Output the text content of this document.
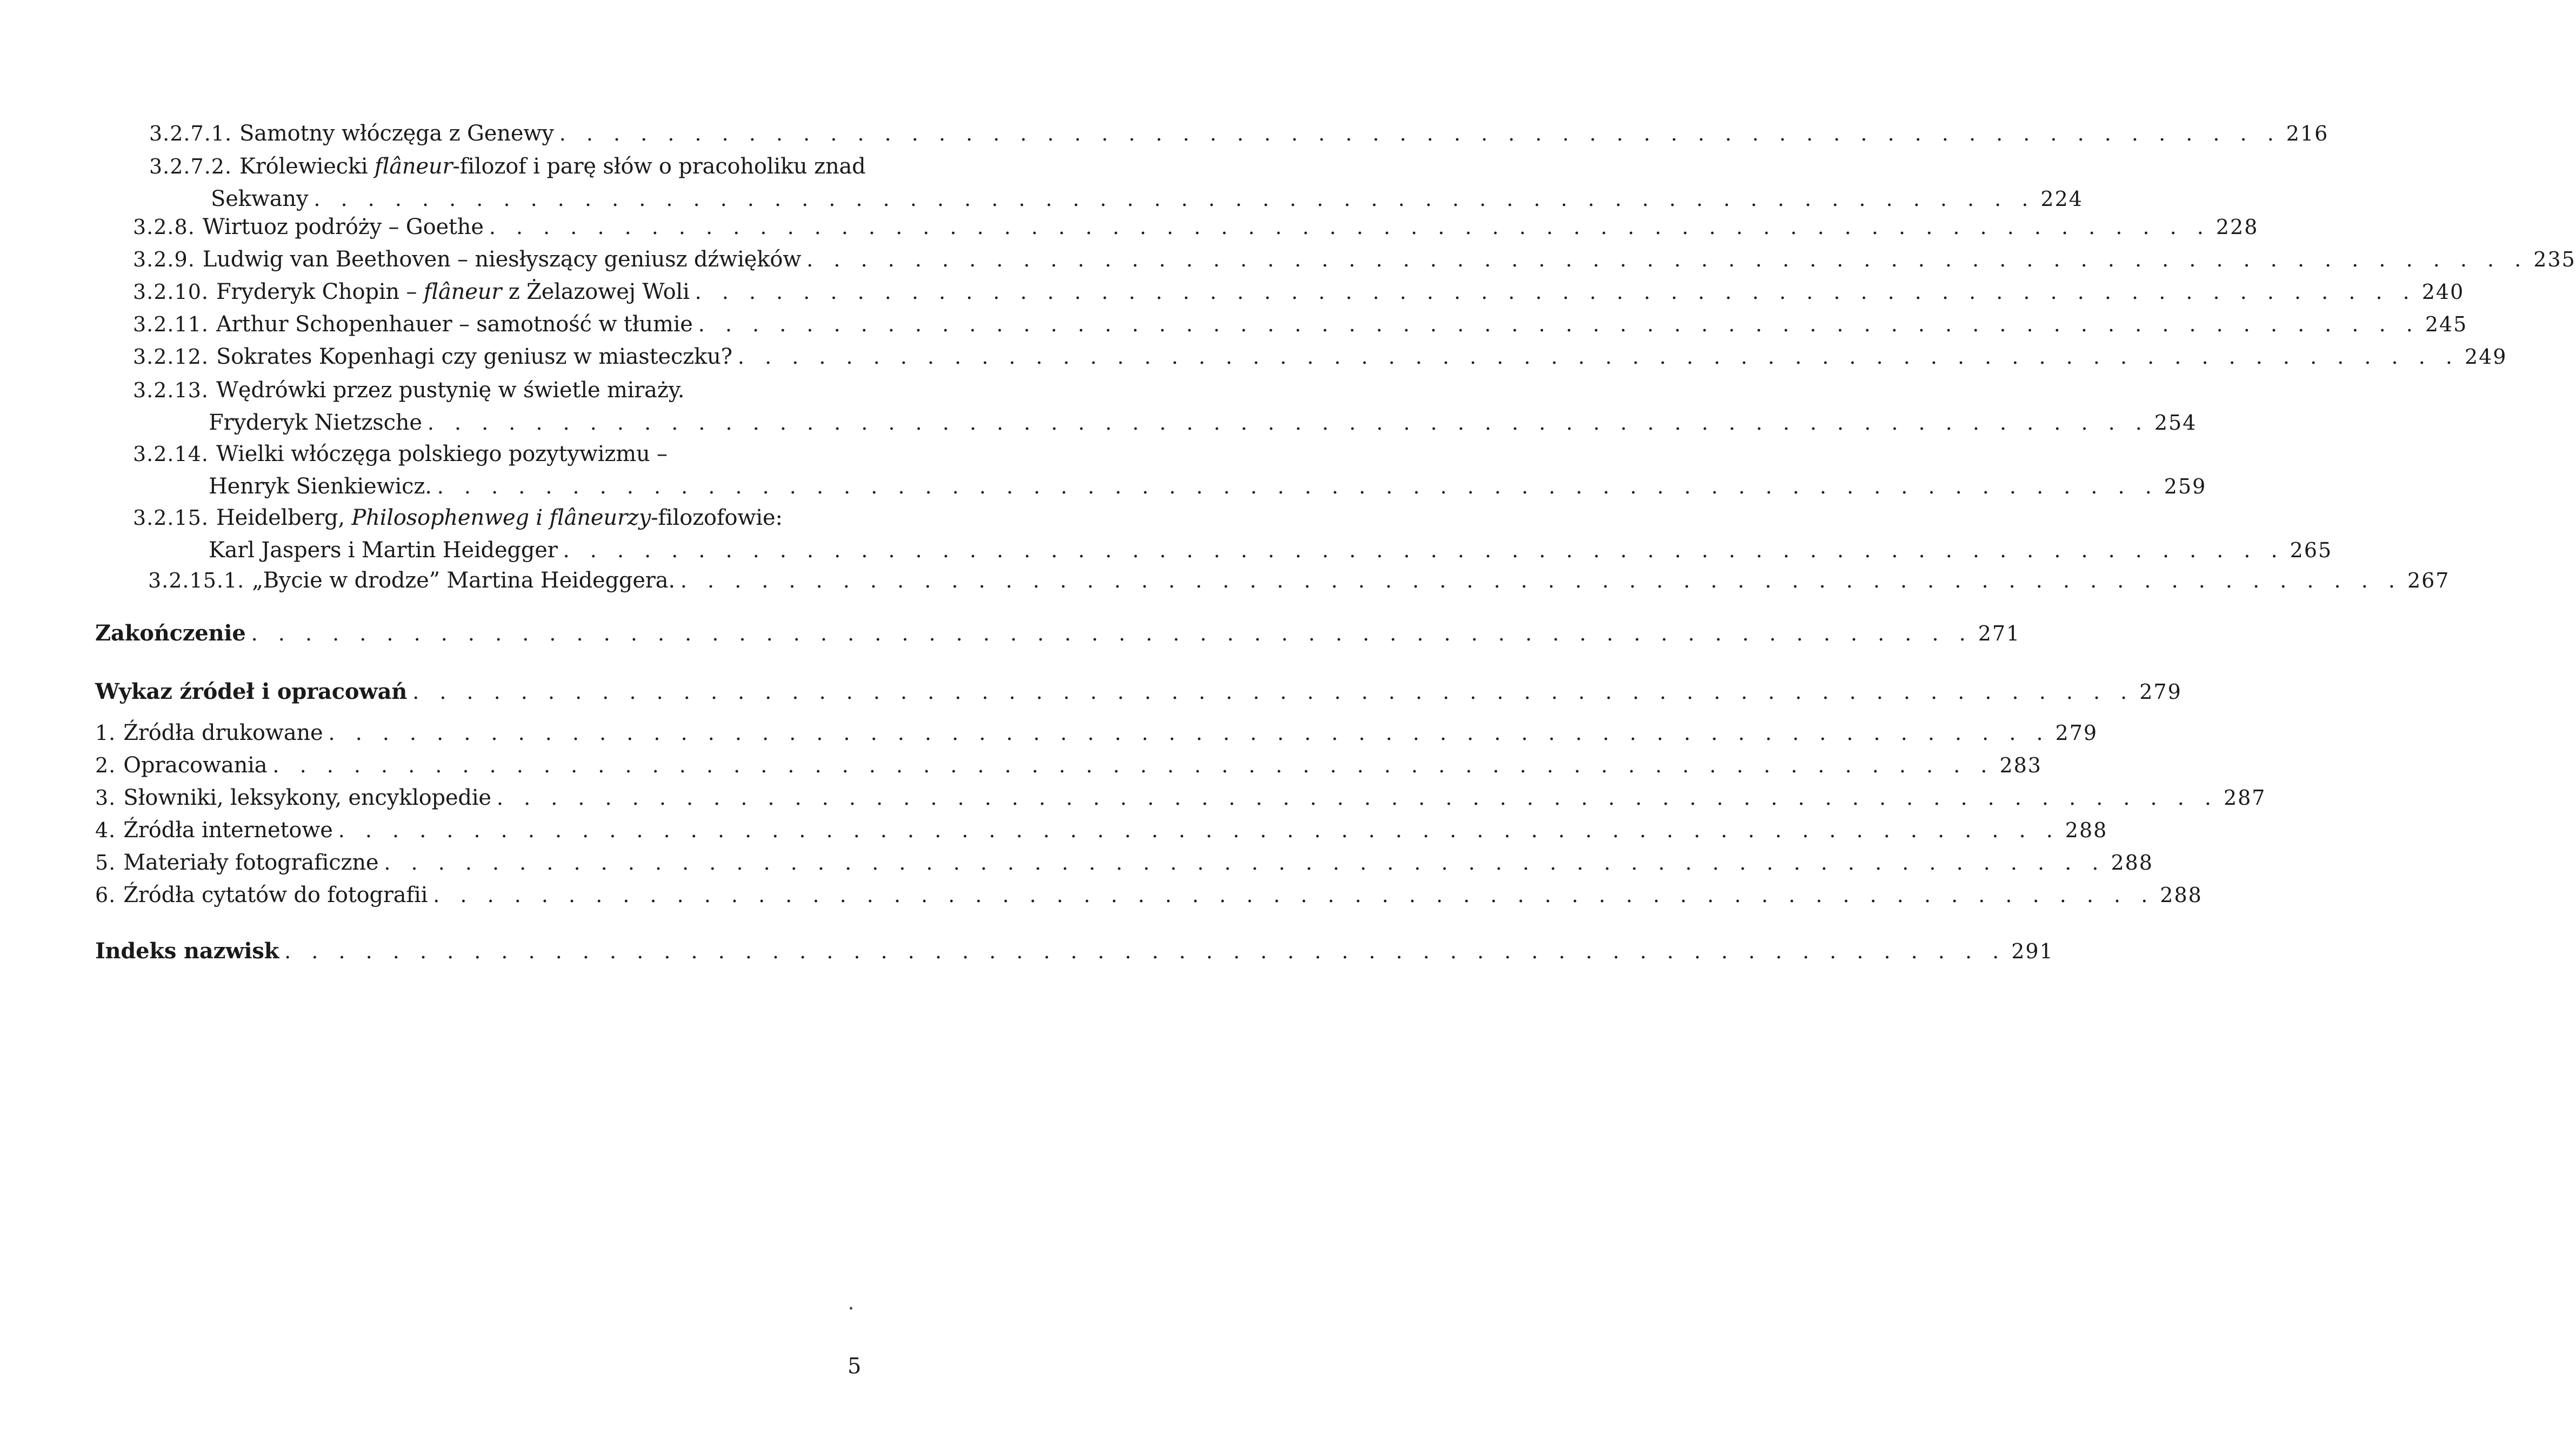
3.2.7.1. Samotny włóczęga z Genewy . . . . . . . . . . . . . . . . . . . . . . . . . . . . . . . . . . . . . . . . . . . . . . . . . . . . . . . . . . . . . . . . 216
3.2.7.2. Królewiecki flâneur-filozof i parę słów o pracoholiku znad
Sekwany . . . . . . . . . . . . . . . . . . . . . . . . . . . . . . . . . . . . . . . . . . . . . . . . . . . . . . . . . . . . . . . . 224
3.2.8. Wirtuoz podróży – Goethe . . . . . . . . . . . . . . . . . . . . . . . . . . . . . . . . . . . . . . . . . . . . . . . . . . . . . . . . . . . . . . . . 228
3.2.9. Ludwig van Beethoven – niesłyszący geniusz dźwięków . . . . . . . . . . . . . . . . . . . . . . . . . . . . . . . . . . . . . . . . . . . . . . . . . . . . . . . . . . . . . . . . 235
3.2.10. Fryderyk Chopin – flâneur z Żelazowej Woli . . . . . . . . . . . . . . . . . . . . . . . . . . . . . . . . . . . . . . . . . . . . . . . . . . . . . . . . . . . . . . . . 240
3.2.11. Arthur Schopenhauer – samotność w tłumie . . . . . . . . . . . . . . . . . . . . . . . . . . . . . . . . . . . . . . . . . . . . . . . . . . . . . . . . . . . . . . . . 245
3.2.12. Sokrates Kopenhagi czy geniusz w miasteczku? . . . . . . . . . . . . . . . . . . . . . . . . . . . . . . . . . . . . . . . . . . . . . . . . . . . . . . . . . . . . . . . . 249
3.2.13. Wędrówki przez pustynię w świetle miraży.
Fryderyk Nietzsche . . . . . . . . . . . . . . . . . . . . . . . . . . . . . . . . . . . . . . . . . . . . . . . . . . . . . . . . . . . . . . . . 254
3.2.14. Wielki włóczęga polskiego pozytywizmu –
Henryk Sienkiewicz. . . . . . . . . . . . . . . . . . . . . . . . . . . . . . . . . . . . . . . . . . . . . . . . . . . . . . . . . . . . . . . . . 259
3.2.15. Heidelberg, Philosophenweg i flâneurzy-filozofowie:
Karl Jaspers i Martin Heidegger . . . . . . . . . . . . . . . . . . . . . . . . . . . . . . . . . . . . . . . . . . . . . . . . . . . . . . . . . . . . . . . . 265
3.2.15.1. „Bycie w drodze” Martina Heideggera. . . . . . . . . . . . . . . . . . . . . . . . . . . . . . . . . . . . . . . . . . . . . . . . . . . . . . . . . . . . . . . . . 267
Zakończenie . . . . . . . . . . . . . . . . . . . . . . . . . . . . . . . . . . . . . . . . . . . . . . . . . . . . . . . . . . . . . . . . 271
Wykaz źródeł i opracowań . . . . . . . . . . . . . . . . . . . . . . . . . . . . . . . . . . . . . . . . . . . . . . . . . . . . . . . . . . . . . . . . 279
1. Źródła drukowane . . . . . . . . . . . . . . . . . . . . . . . . . . . . . . . . . . . . . . . . . . . . . . . . . . . . . . . . . . . . . . . . 279
2. Opracowania . . . . . . . . . . . . . . . . . . . . . . . . . . . . . . . . . . . . . . . . . . . . . . . . . . . . . . . . . . . . . . . . 283
3. Słowniki, leksykony, encyklopedie . . . . . . . . . . . . . . . . . . . . . . . . . . . . . . . . . . . . . . . . . . . . . . . . . . . . . . . . . . . . . . . . 287
4. Źródła internetowe . . . . . . . . . . . . . . . . . . . . . . . . . . . . . . . . . . . . . . . . . . . . . . . . . . . . . . . . . . . . . . . . 288
5. Materiały fotograficzne . . . . . . . . . . . . . . . . . . . . . . . . . . . . . . . . . . . . . . . . . . . . . . . . . . . . . . . . . . . . . . . . 288
6. Źródła cytatów do fotografii . . . . . . . . . . . . . . . . . . . . . . . . . . . . . . . . . . . . . . . . . . . . . . . . . . . . . . . . . . . . . . . . 288
Indeks nazwisk . . . . . . . . . . . . . . . . . . . . . . . . . . . . . . . . . . . . . . . . . . . . . . . . . . . . . . . . . . . . . . . . 291
5
